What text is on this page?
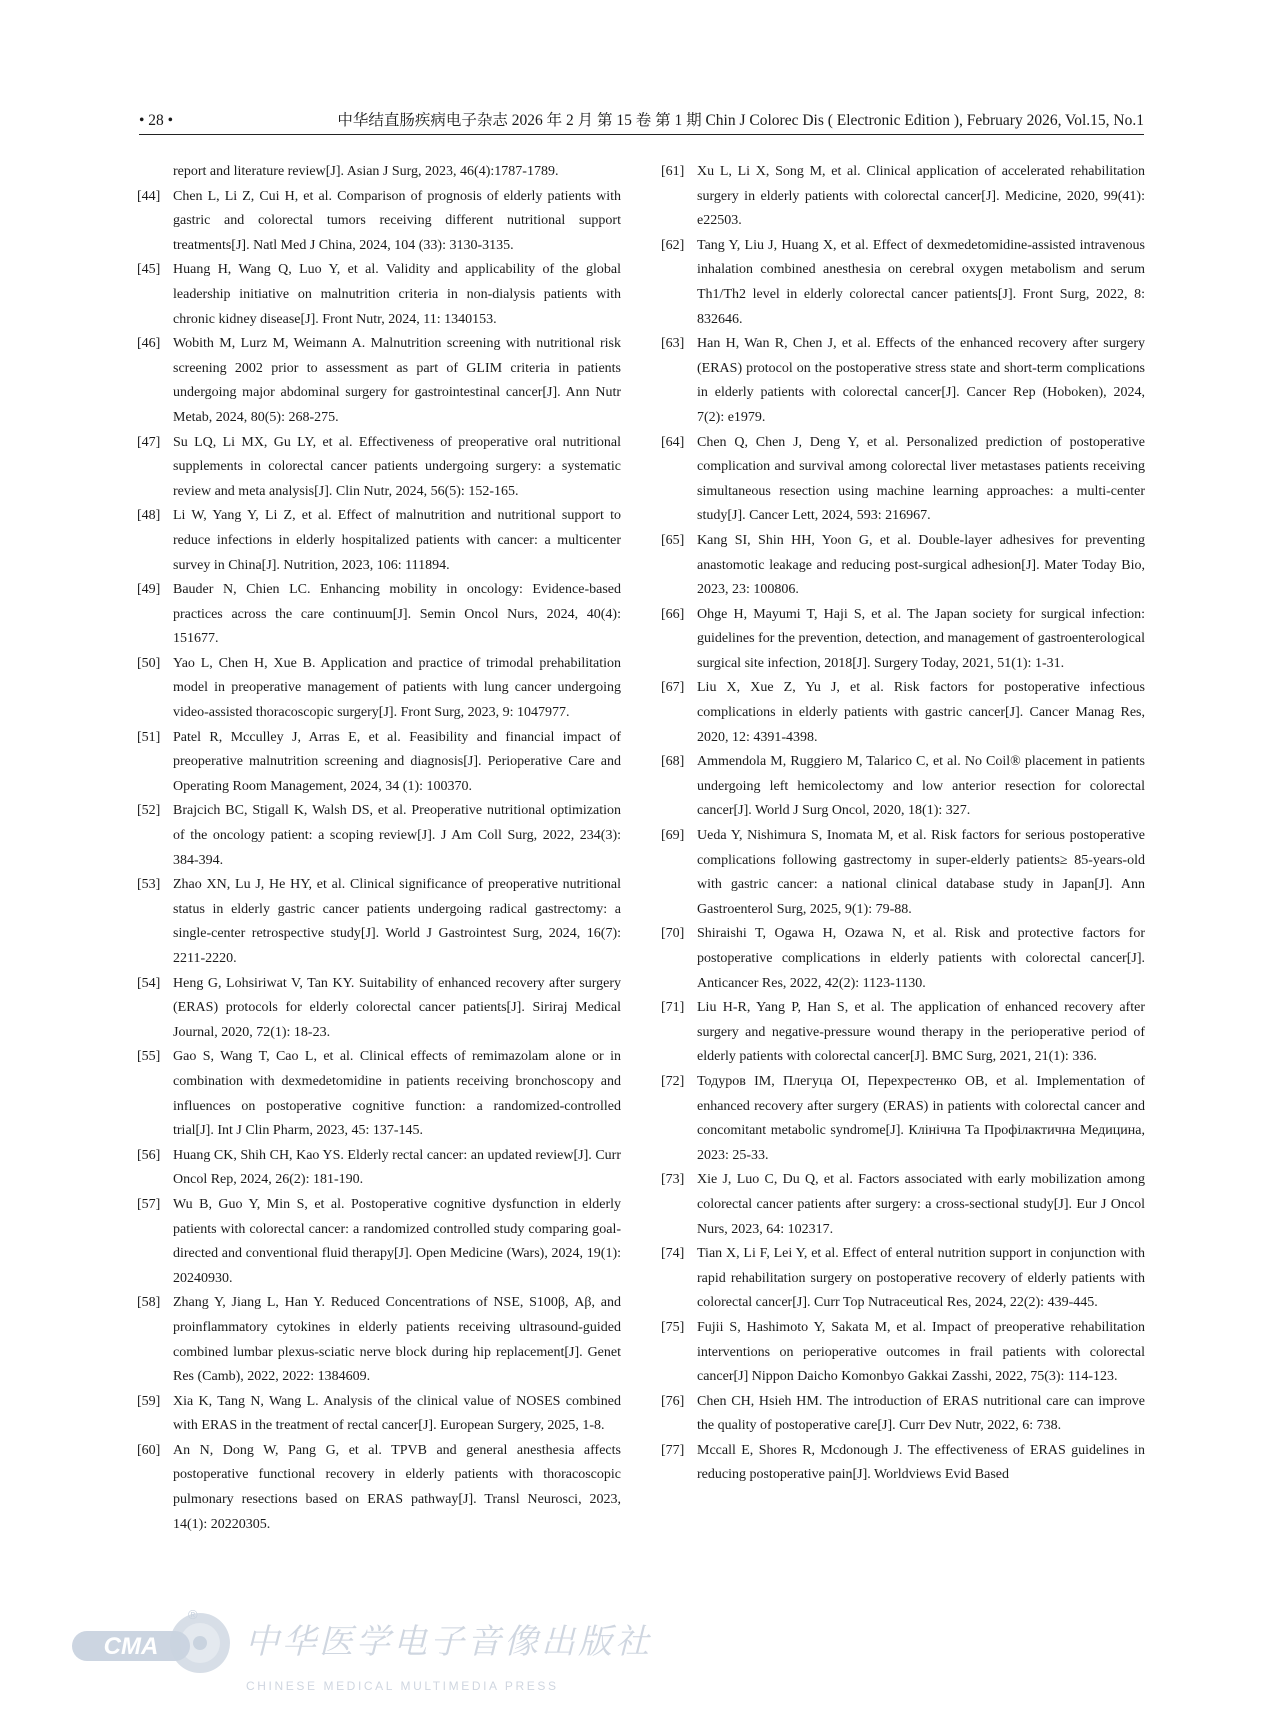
• 28 •	中华结直肠疾病电子杂志 2026 年 2 月 第 15 卷 第 1 期 Chin J Colorec Dis ( Electronic Edition ), February 2026, Vol.15, No.1
report and literature review[J]. Asian J Surg, 2023, 46(4):1787-1789.
[44] Chen L, Li Z, Cui H, et al. Comparison of prognosis of elderly patients with gastric and colorectal tumors receiving different nutritional support treatments[J]. Natl Med J China, 2024, 104 (33): 3130-3135.
[45] Huang H, Wang Q, Luo Y, et al. Validity and applicability of the global leadership initiative on malnutrition criteria in non-dialysis patients with chronic kidney disease[J]. Front Nutr, 2024, 11: 1340153.
[46] Wobith M, Lurz M, Weimann A. Malnutrition screening with nutritional risk screening 2002 prior to assessment as part of GLIM criteria in patients undergoing major abdominal surgery for gastrointestinal cancer[J]. Ann Nutr Metab, 2024, 80(5): 268-275.
[47] Su LQ, Li MX, Gu LY, et al. Effectiveness of preoperative oral nutritional supplements in colorectal cancer patients undergoing surgery: a systematic review and meta analysis[J]. Clin Nutr, 2024, 56(5): 152-165.
[48] Li W, Yang Y, Li Z, et al. Effect of malnutrition and nutritional support to reduce infections in elderly hospitalized patients with cancer: a multicenter survey in China[J]. Nutrition, 2023, 106: 111894.
[49] Bauder N, Chien LC. Enhancing mobility in oncology: Evidence-based practices across the care continuum[J]. Semin Oncol Nurs, 2024, 40(4): 151677.
[50] Yao L, Chen H, Xue B. Application and practice of trimodal prehabilitation model in preoperative management of patients with lung cancer undergoing video-assisted thoracoscopic surgery[J]. Front Surg, 2023, 9: 1047977.
[51] Patel R, Mcculley J, Arras E, et al. Feasibility and financial impact of preoperative malnutrition screening and diagnosis[J]. Perioperative Care and Operating Room Management, 2024, 34 (1): 100370.
[52] Brajcich BC, Stigall K, Walsh DS, et al. Preoperative nutritional optimization of the oncology patient: a scoping review[J]. J Am Coll Surg, 2022, 234(3): 384-394.
[53] Zhao XN, Lu J, He HY, et al. Clinical significance of preoperative nutritional status in elderly gastric cancer patients undergoing radical gastrectomy: a single-center retrospective study[J]. World J Gastrointest Surg, 2024, 16(7): 2211-2220.
[54] Heng G, Lohsiriwat V, Tan KY. Suitability of enhanced recovery after surgery (ERAS) protocols for elderly colorectal cancer patients[J]. Siriraj Medical Journal, 2020, 72(1): 18-23.
[55] Gao S, Wang T, Cao L, et al. Clinical effects of remimazolam alone or in combination with dexmedetomidine in patients receiving bronchoscopy and influences on postoperative cognitive function: a randomized-controlled trial[J]. Int J Clin Pharm, 2023, 45: 137-145.
[56] Huang CK, Shih CH, Kao YS. Elderly rectal cancer: an updated review[J]. Curr Oncol Rep, 2024, 26(2): 181-190.
[57] Wu B, Guo Y, Min S, et al. Postoperative cognitive dysfunction in elderly patients with colorectal cancer: a randomized controlled study comparing goal-directed and conventional fluid therapy[J]. Open Medicine (Wars), 2024, 19(1): 20240930.
[58] Zhang Y, Jiang L, Han Y. Reduced Concentrations of NSE, S100β, Aβ, and proinflammatory cytokines in elderly patients receiving ultrasound-guided combined lumbar plexus-sciatic nerve block during hip replacement[J]. Genet Res (Camb), 2022, 2022: 1384609.
[59] Xia K, Tang N, Wang L. Analysis of the clinical value of NOSES combined with ERAS in the treatment of rectal cancer[J]. European Surgery, 2025, 1-8.
[60] An N, Dong W, Pang G, et al. TPVB and general anesthesia affects postoperative functional recovery in elderly patients with thoracoscopic pulmonary resections based on ERAS pathway[J]. Transl Neurosci, 2023, 14(1): 20220305.
[61] Xu L, Li X, Song M, et al. Clinical application of accelerated rehabilitation surgery in elderly patients with colorectal cancer[J]. Medicine, 2020, 99(41): e22503.
[62] Tang Y, Liu J, Huang X, et al. Effect of dexmedetomidine-assisted intravenous inhalation combined anesthesia on cerebral oxygen metabolism and serum Th1/Th2 level in elderly colorectal cancer patients[J]. Front Surg, 2022, 8: 832646.
[63] Han H, Wan R, Chen J, et al. Effects of the enhanced recovery after surgery (ERAS) protocol on the postoperative stress state and short-term complications in elderly patients with colorectal cancer[J]. Cancer Rep (Hoboken), 2024, 7(2): e1979.
[64] Chen Q, Chen J, Deng Y, et al. Personalized prediction of postoperative complication and survival among colorectal liver metastases patients receiving simultaneous resection using machine learning approaches: a multi-center study[J]. Cancer Lett, 2024, 593: 216967.
[65] Kang SI, Shin HH, Yoon G, et al. Double-layer adhesives for preventing anastomotic leakage and reducing post-surgical adhesion[J]. Mater Today Bio, 2023, 23: 100806.
[66] Ohge H, Mayumi T, Haji S, et al. The Japan society for surgical infection: guidelines for the prevention, detection, and management of gastroenterological surgical site infection, 2018[J]. Surgery Today, 2021, 51(1): 1-31.
[67] Liu X, Xue Z, Yu J, et al. Risk factors for postoperative infectious complications in elderly patients with gastric cancer[J]. Cancer Manag Res, 2020, 12: 4391-4398.
[68] Ammendola M, Ruggiero M, Talarico C, et al. No Coil® placement in patients undergoing left hemicolectomy and low anterior resection for colorectal cancer[J]. World J Surg Oncol, 2020, 18(1): 327.
[69] Ueda Y, Nishimura S, Inomata M, et al. Risk factors for serious postoperative complications following gastrectomy in super-elderly patients≥ 85-years-old with gastric cancer: a national clinical database study in Japan[J]. Ann Gastroenterol Surg, 2025, 9(1): 79-88.
[70] Shiraishi T, Ogawa H, Ozawa N, et al. Risk and protective factors for postoperative complications in elderly patients with colorectal cancer[J]. Anticancer Res, 2022, 42(2): 1123-1130.
[71] Liu H-R, Yang P, Han S, et al. The application of enhanced recovery after surgery and negative-pressure wound therapy in the perioperative period of elderly patients with colorectal cancer[J]. BMC Surg, 2021, 21(1): 336.
[72] Тодуров ІМ, Плегуца ОІ, Перехрестенко ОВ, et al. Implementation of enhanced recovery after surgery (ERAS) in patients with colorectal cancer and concomitant metabolic syndrome[J]. Клінічна Та Профілактична Медицина, 2023: 25-33.
[73] Xie J, Luo C, Du Q, et al. Factors associated with early mobilization among colorectal cancer patients after surgery: a cross-sectional study[J]. Eur J Oncol Nurs, 2023, 64: 102317.
[74] Tian X, Li F, Lei Y, et al. Effect of enteral nutrition support in conjunction with rapid rehabilitation surgery on postoperative recovery of elderly patients with colorectal cancer[J]. Curr Top Nutraceutical Res, 2024, 22(2): 439-445.
[75] Fujii S, Hashimoto Y, Sakata M, et al. Impact of preoperative rehabilitation interventions on perioperative outcomes in frail patients with colorectal cancer[J] Nippon Daicho Komonbyo Gakkai Zasshi, 2022, 75(3): 114-123.
[76] Chen CH, Hsieh HM. The introduction of ERAS nutritional care can improve the quality of postoperative care[J]. Curr Dev Nutr, 2022, 6: 738.
[77] Mccall E, Shores R, Mcdonough J. The effectiveness of ERAS guidelines in reducing postoperative pain[J]. Worldviews Evid Based
CMA
®
中华医学电子音像出版社
CHINESE MEDICAL MULTIMEDIA PRESS
